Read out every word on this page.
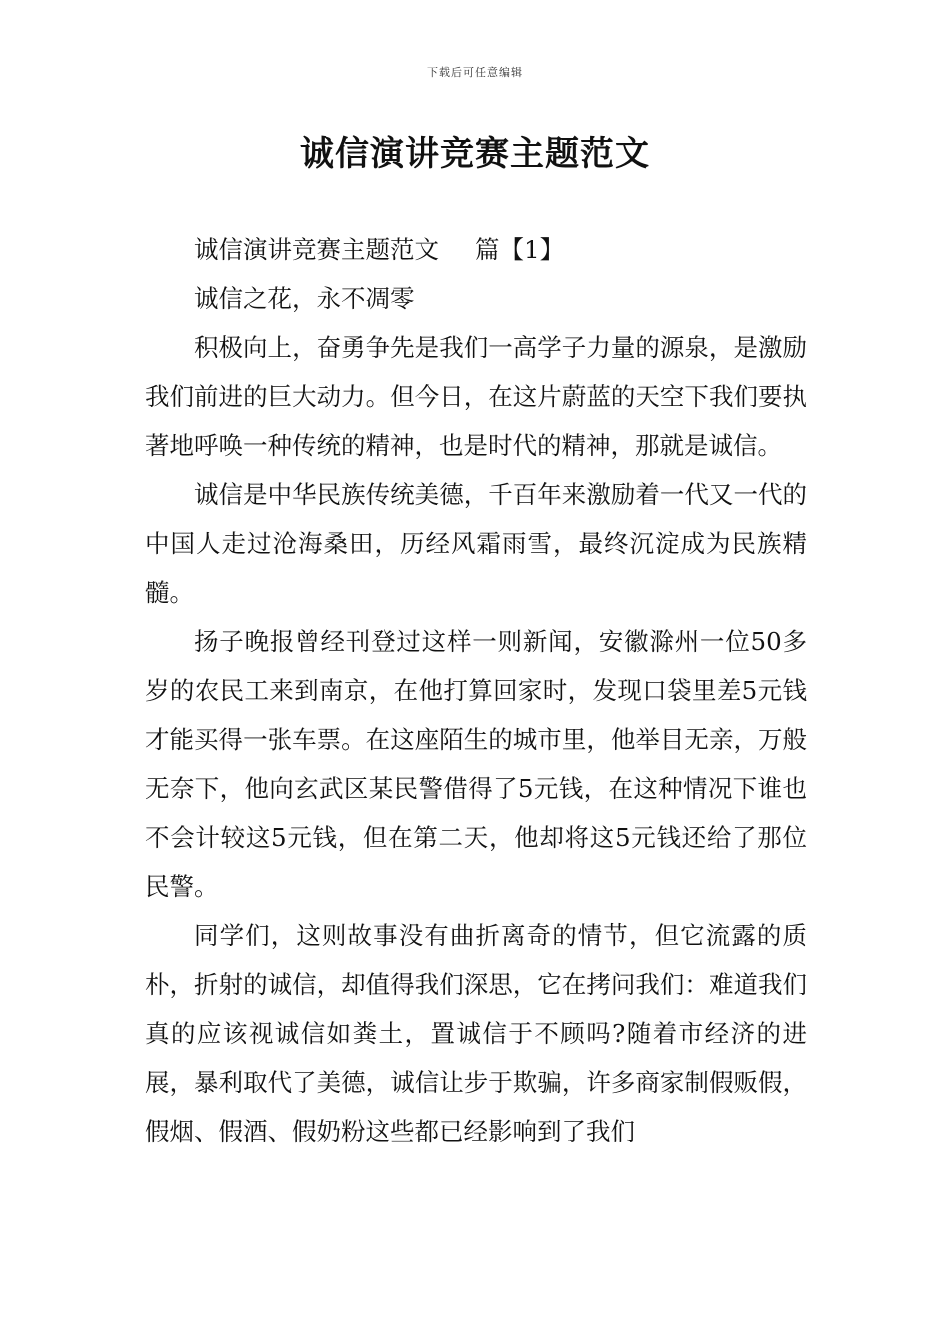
下载后可任意编辑
诚信演讲竞赛主题范文

诚信演讲竞赛主题范文 篇【1】

诚信之花，永不凋零

积极向上，奋勇争先是我们一高学子力量的源泉，是激励我们前进的巨大动力。但今日，在这片蔚蓝的天空下我们要执著地呼唤一种传统的精神，也是时代的精神，那就是诚信。

诚信是中华民族传统美德，千百年来激励着一代又一代的中国人走过沧海桑田，历经风霜雨雪，最终沉淀成为民族精髓。

扬子晚报曾经刊登过这样一则新闻，安徽滁州一位50多岁的农民工来到南京，在他打算回家时，发现口袋里差5元钱才能买得一张车票。在这座陌生的城市里，他举目无亲，万般无奈下，他向玄武区某民警借得了5元钱，在这种情况下谁也不会计较这5元钱，但在第二天，他却将这5元钱还给了那位民警。

同学们，这则故事没有曲折离奇的情节，但它流露的质朴，折射的诚信，却值得我们深思，它在拷问我们：难道我们真的应该视诚信如粪土，置诚信于不顾吗?随着市经济的进展，暴利取代了美德，诚信让步于欺骗，许多商家制假贩假，假烟、假酒、假奶粉这些都已经影响到了我们
